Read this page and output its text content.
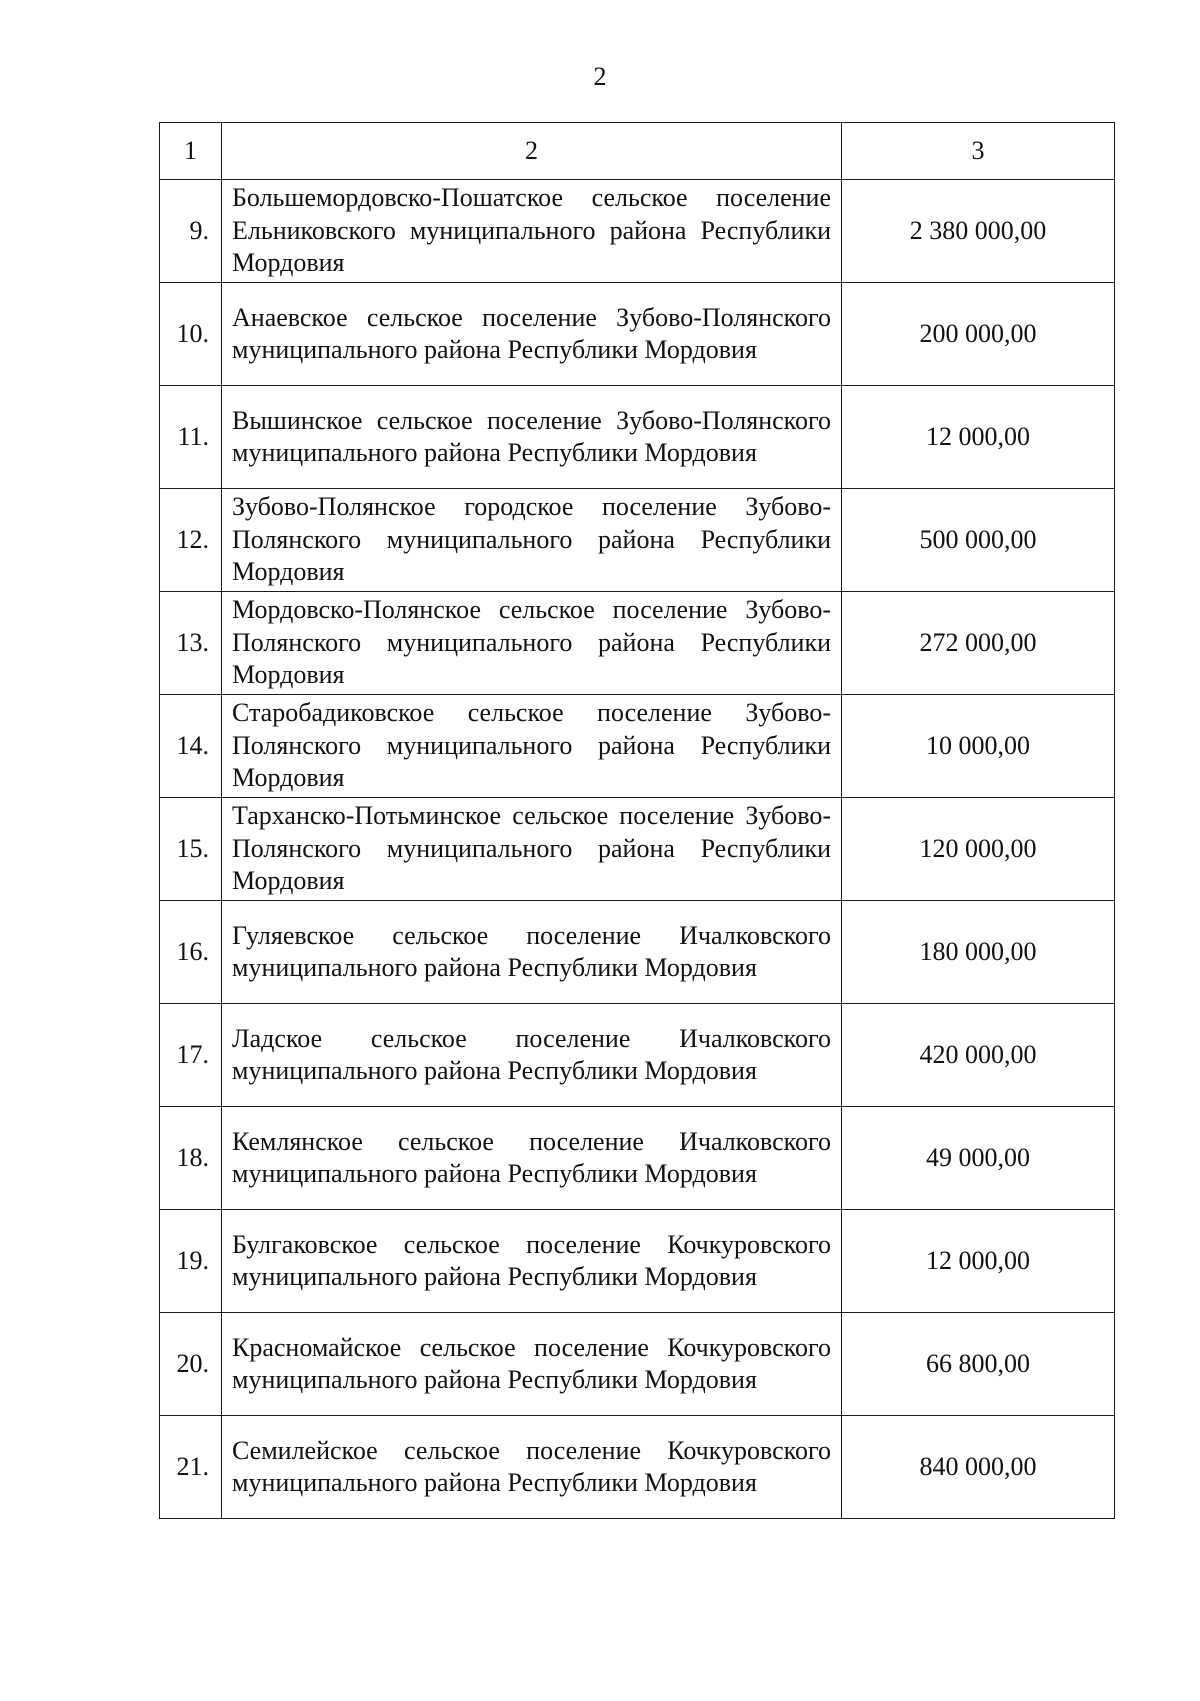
2
1	2	3
9.	Большемордовско-Пошатское сельское поселение Ельниковского муниципального района Республики Мордовия	2 380 000,00
10.	Анаевское сельское поселение Зубово-Полянского муниципального района Республики Мордовия	200 000,00
11.	Вышинское сельское поселение Зубово-Полянского муниципального района Республики Мордовия	12 000,00
12.	Зубово-Полянское городское поселение Зубово-Полянского муниципального района Республики Мордовия	500 000,00
13.	Мордовско-Полянское сельское поселение Зубово-Полянского муниципального района Республики Мордовия	272 000,00
14.	Старобадиковское сельское поселение Зубово-Полянского муниципального района Республики Мордовия	10 000,00
15.	Тарханско-Потьминское сельское поселение Зубово-Полянского муниципального района Республики Мордовия	120 000,00
16.	Гуляевское сельское поселение Ичалковского муниципального района Республики Мордовия	180 000,00
17.	Ладское сельское поселение Ичалковского муниципального района Республики Мордовия	420 000,00
18.	Кемлянское сельское поселение Ичалковского муниципального района Республики Мордовия	49 000,00
19.	Булгаковское сельское поселение Кочкуровского муниципального района Республики Мордовия	12 000,00
20.	Красномайское сельское поселение Кочкуровского муниципального района Республики Мордовия	66 800,00
21.	Семилейское сельское поселение Кочкуровского муниципального района Республики Мордовия	840 000,00
